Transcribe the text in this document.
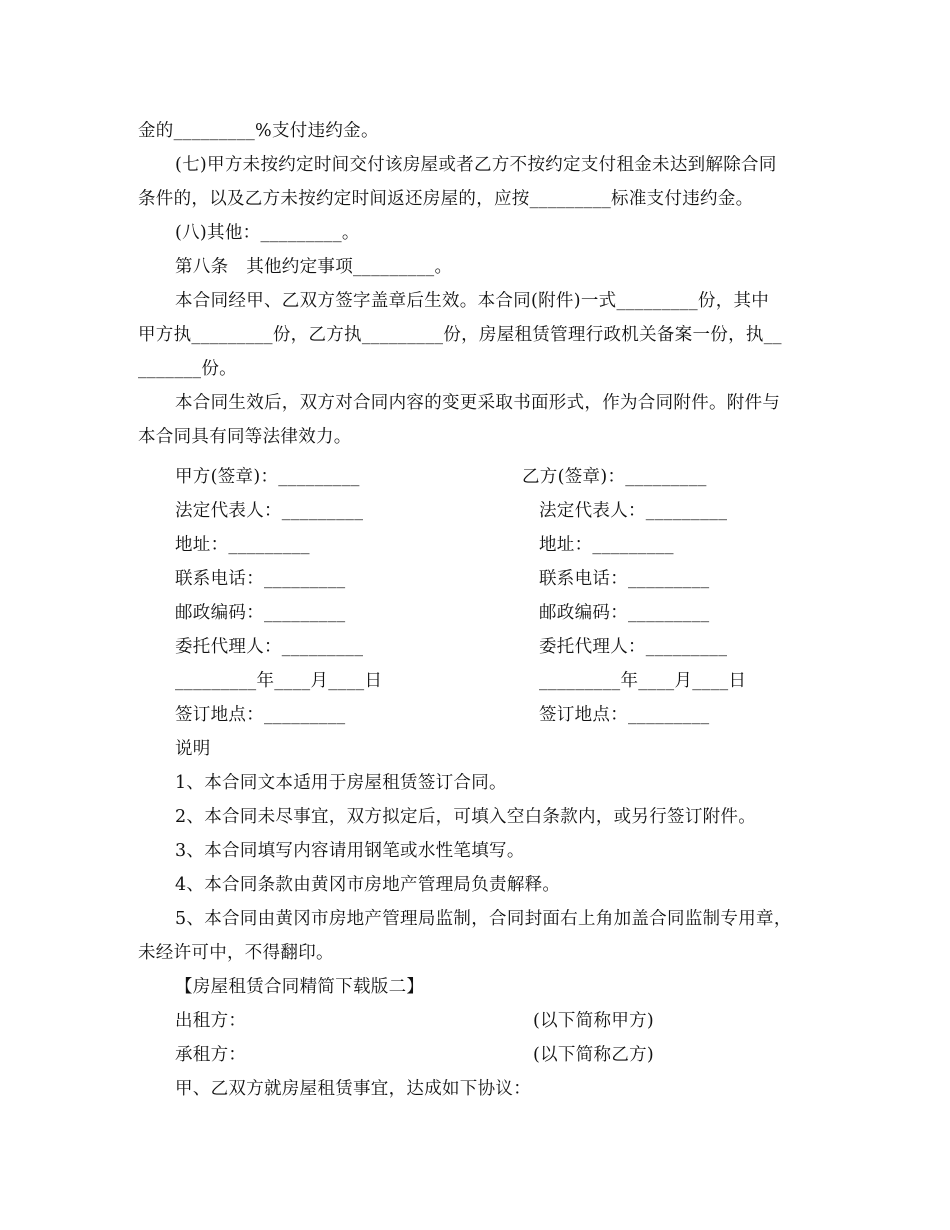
金的_________%支付违约金。
(七)甲方未按约定时间交付该房屋或者乙方不按约定支付租金未达到解除合同
条件的，以及乙方未按约定时间返还房屋的，应按_________标准支付违约金。
(八)其他：_________。
第八条　其他约定事项_________。
本合同经甲、乙双方签字盖章后生效。本合同(附件)一式_________份，其中
甲方执_________份，乙方执_________份，房屋租赁管理行政机关备案一份，执__
_______份。
本合同生效后，双方对合同内容的变更采取书面形式，作为合同附件。附件与
本合同具有同等法律效力。
甲方(签章)：_________	乙方(签章)：_________
法定代表人：_________	法定代表人：_________
地址：_________	地址：_________
联系电话：_________	联系电话：_________
邮政编码：_________	邮政编码：_________
委托代理人：_________	委托代理人：_________
_________年____月____日	_________年____月____日
签订地点：_________	签订地点：_________
说明
1、本合同文本适用于房屋租赁签订合同。
2、本合同未尽事宜，双方拟定后，可填入空白条款内，或另行签订附件。
3、本合同填写内容请用钢笔或水性笔填写。
4、本合同条款由黄冈市房地产管理局负责解释。
5、本合同由黄冈市房地产管理局监制，合同封面右上角加盖合同监制专用章，
未经许可中，不得翻印。
【房屋租赁合同精简下载版二】
出租方：	(以下简称甲方)
承租方：	(以下简称乙方)
甲、乙双方就房屋租赁事宜，达成如下协议：
